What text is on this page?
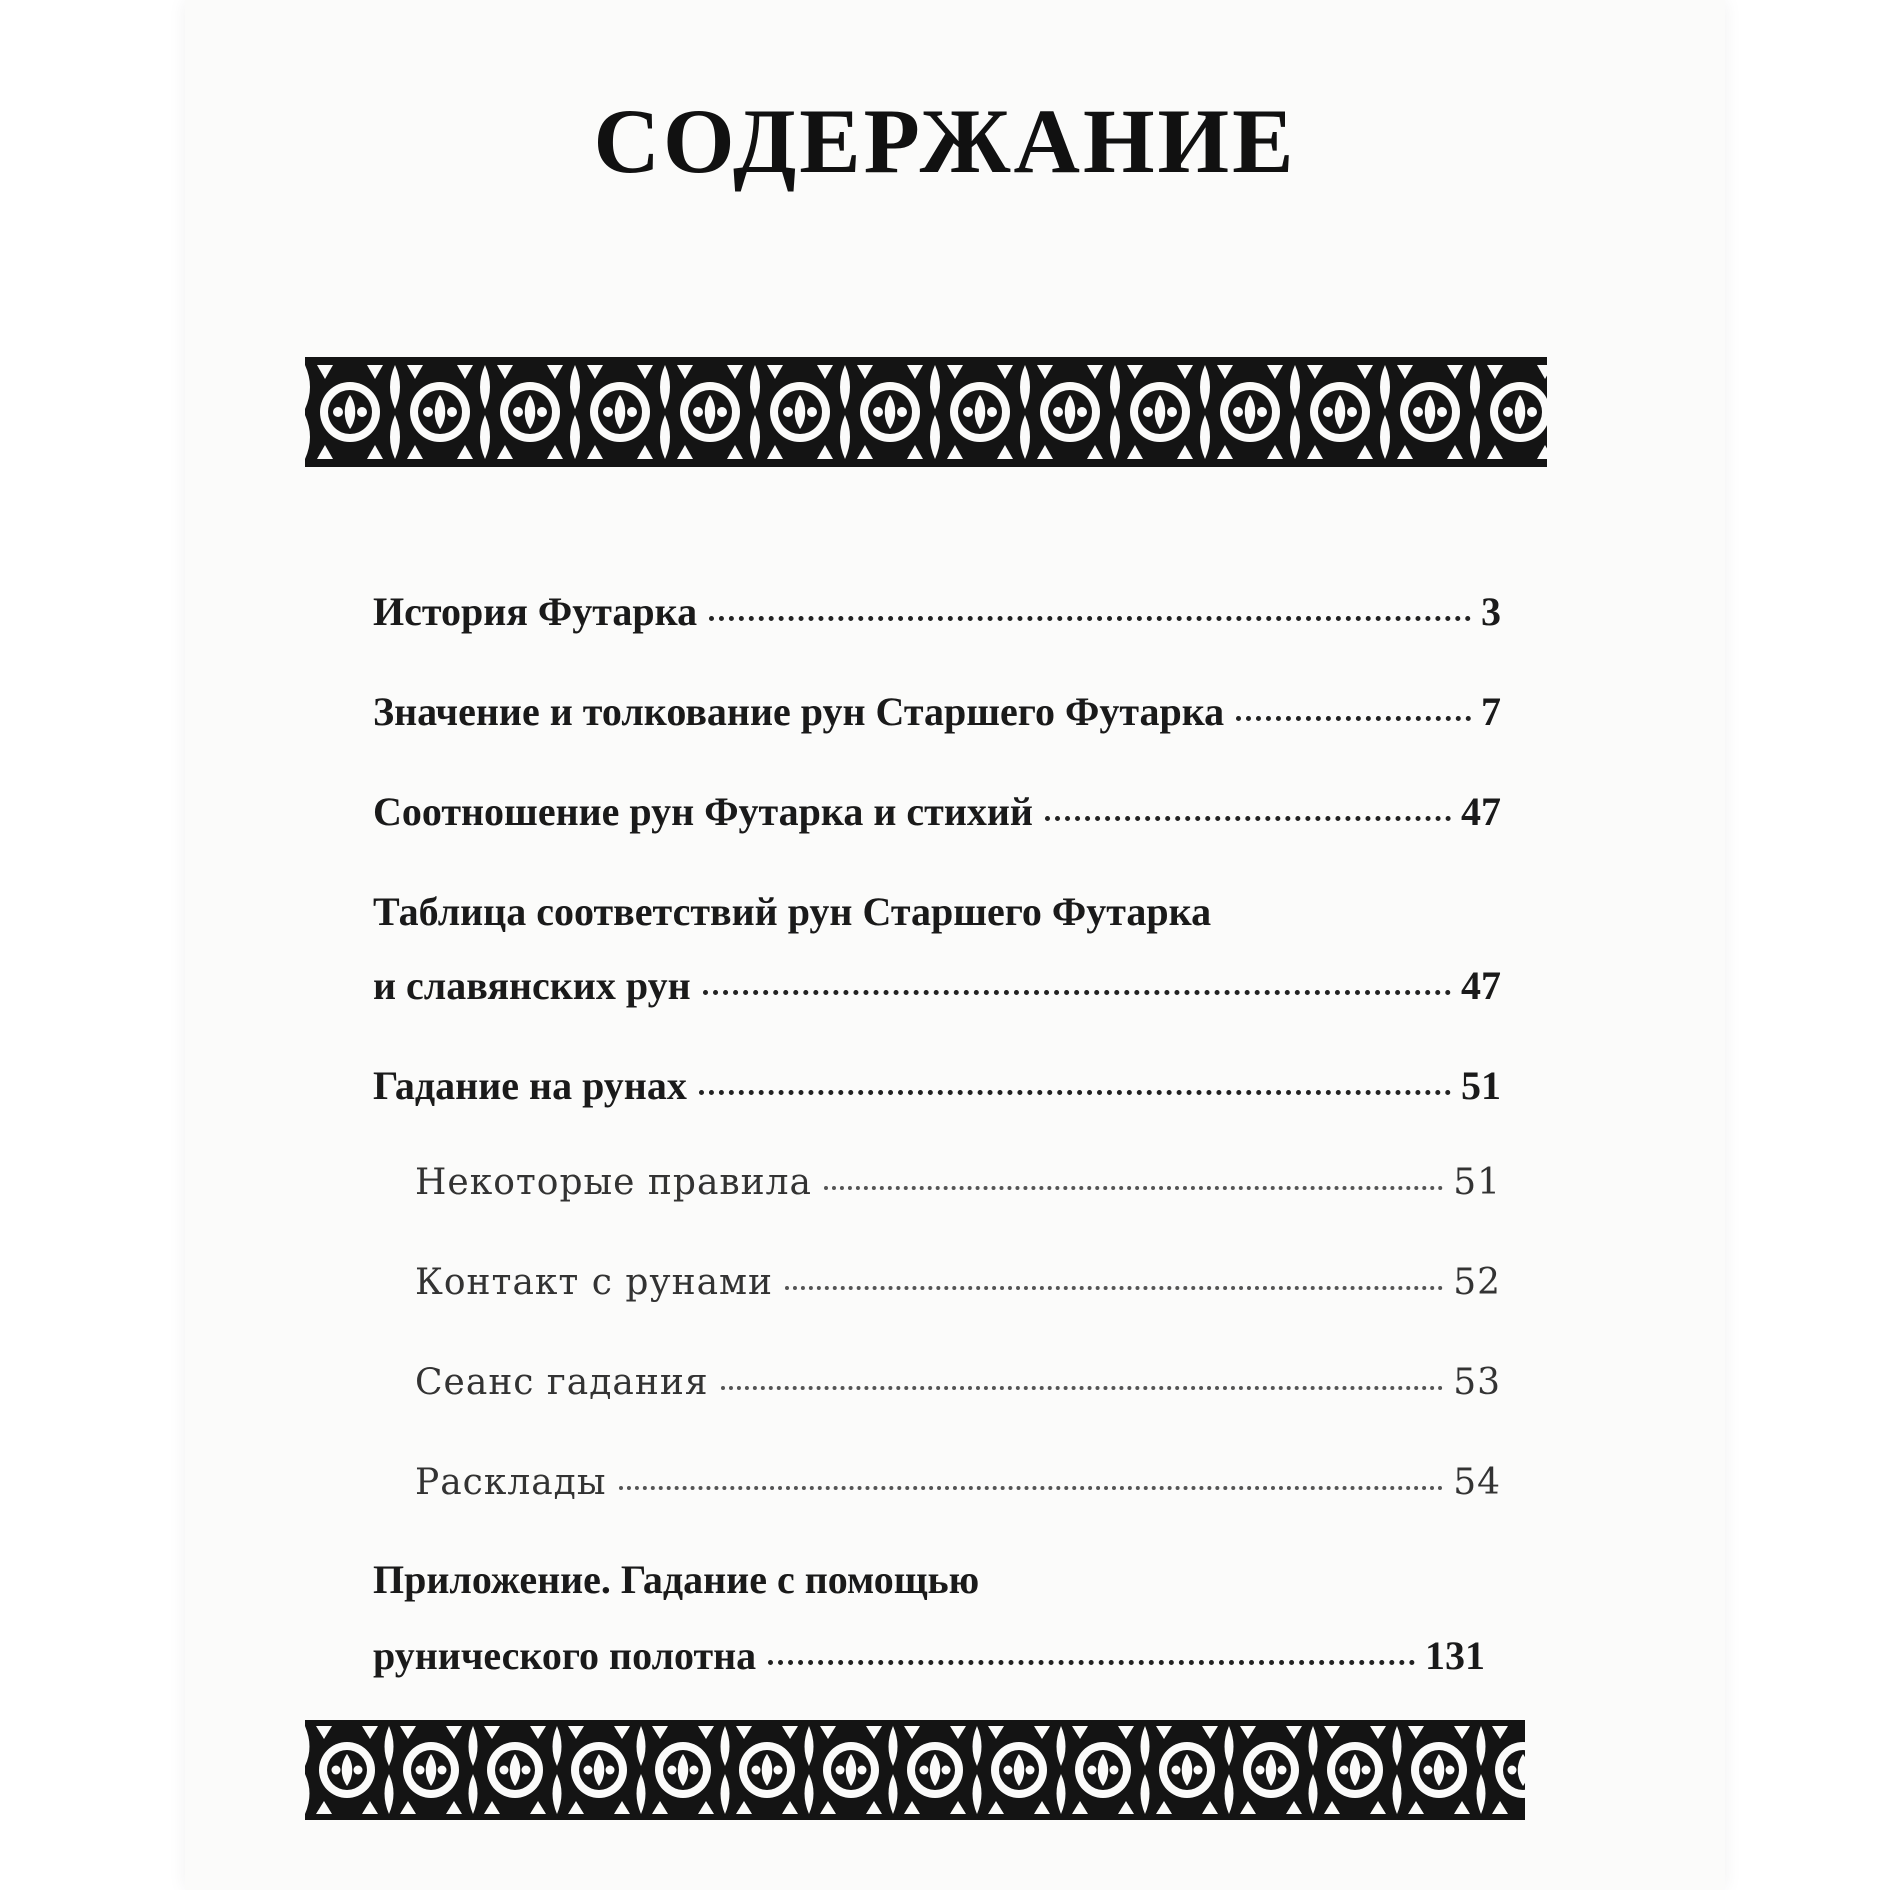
СОДЕРЖАНИЕ
История Футарка	3
Значение и толкование рун Старшего Футарка	7
Соотношение рун Футарка и стихий	47
Таблица соответствий рун Старшего Футарка
и славянских рун	47
Гадание на рунах	51
Некоторые правила	51
Контакт с рунами	52
Сеанс гадания	53
Расклады	54
Приложение. Гадание с помощью
рунического полотна	131
